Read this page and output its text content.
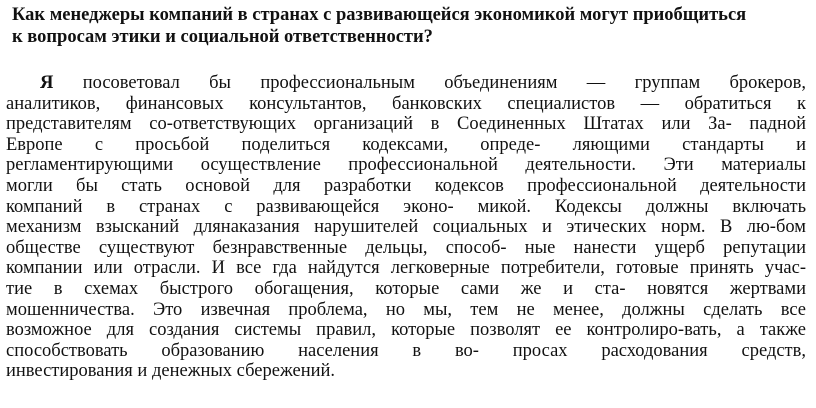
Как менеджеры компаний в странах с развивающейся экономикой могут приобщиться
к вопросам этики и социальной ответственности?
Я посоветовал бы профессиональным объединениям — группам брокеров,
аналитиков, финансовых консультантов, банковских специалистов — обратиться к
представителям со-ответствующих организаций в Соединенных Штатах или За- падной
Европе с просьбой поделиться кодексами, опреде- ляющими стандарты и
регламентирующими осуществление профессиональной деятельности. Эти материалы
могли бы стать основой для разработки кодексов профессиональной деятельности
компаний в странах с развивающейся эконо- микой. Кодексы должны включать
механизм взысканий длянаказания нарушителей социальных и этических норм. В лю-бом
обществе существуют безнравственные дельцы, способ- ные нанести ущерб репутации
компании или отрасли. И все гда найдутся легковерные потребители, готовые принять учас-
тие в схемах быстрого обогащения, которые сами же и ста- новятся жертвами
мошенничества. Это извечная проблема, но мы, тем не менее, должны сделать все
возможное для создания системы правил, которые позволят ее контролиро-вать, а также
способствовать образованию населения в во- просах расходования средств,
инвестирования и денежных сбережений.
